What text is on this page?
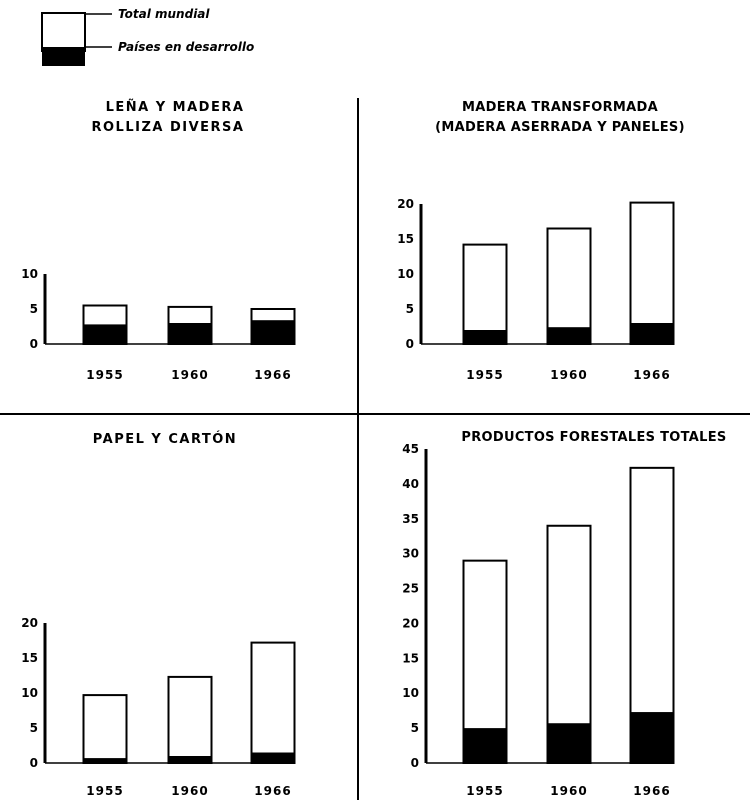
Total mundial
Países en desarrollo
LEÑA Y MADERA
ROLLIZA DIVERSA
0
5
10
1955	1960	1966
MADERA TRANSFORMADA
(MADERA ASERRADA Y PANELES)
0
5
10
15
20
1955	1960	1966
PAPEL Y CARTÓN
0
5
10
15
20
1955	1960	1966
PRODUCTOS FORESTALES TOTALES
0
5
10
15
20
25
30
35
40
45
1955	1960	1966
